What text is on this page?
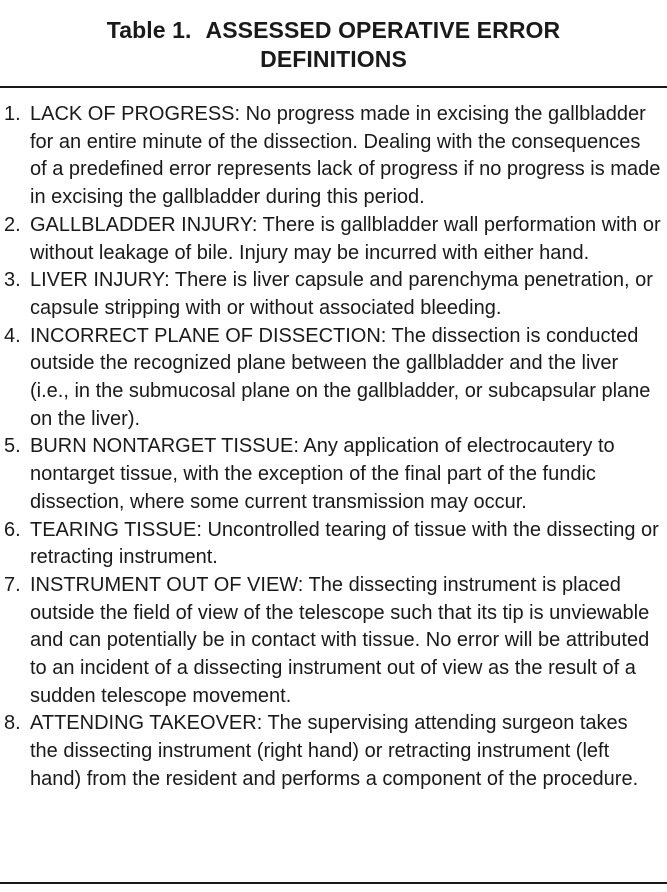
Table 1. ASSESSED OPERATIVE ERROR
DEFINITIONS
1. LACK OF PROGRESS: No progress made in excising the gallbladder for an entire minute of the dissection. Dealing with the consequences of a predefined error represents lack of progress if no progress is made in excising the gallbladder during this period.
2. GALLBLADDER INJURY: There is gallbladder wall performation with or without leakage of bile. Injury may be incurred with either hand.
3. LIVER INJURY: There is liver capsule and parenchyma penetration, or capsule stripping with or without associated bleeding.
4. INCORRECT PLANE OF DISSECTION: The dissection is conducted outside the recognized plane between the gallbladder and the liver (i.e., in the submucosal plane on the gallbladder, or subcapsular plane on the liver).
5. BURN NONTARGET TISSUE: Any application of electrocautery to nontarget tissue, with the exception of the final part of the fundic dissection, where some current transmission may occur.
6. TEARING TISSUE: Uncontrolled tearing of tissue with the dissecting or retracting instrument.
7. INSTRUMENT OUT OF VIEW: The dissecting instrument is placed outside the field of view of the telescope such that its tip is unviewable and can potentially be in contact with tissue. No error will be attributed to an incident of a dissecting instrument out of view as the result of a sudden telescope movement.
8. ATTENDING TAKEOVER: The supervising attending surgeon takes the dissecting instrument (right hand) or retracting instrument (left hand) from the resident and performs a component of the procedure.
